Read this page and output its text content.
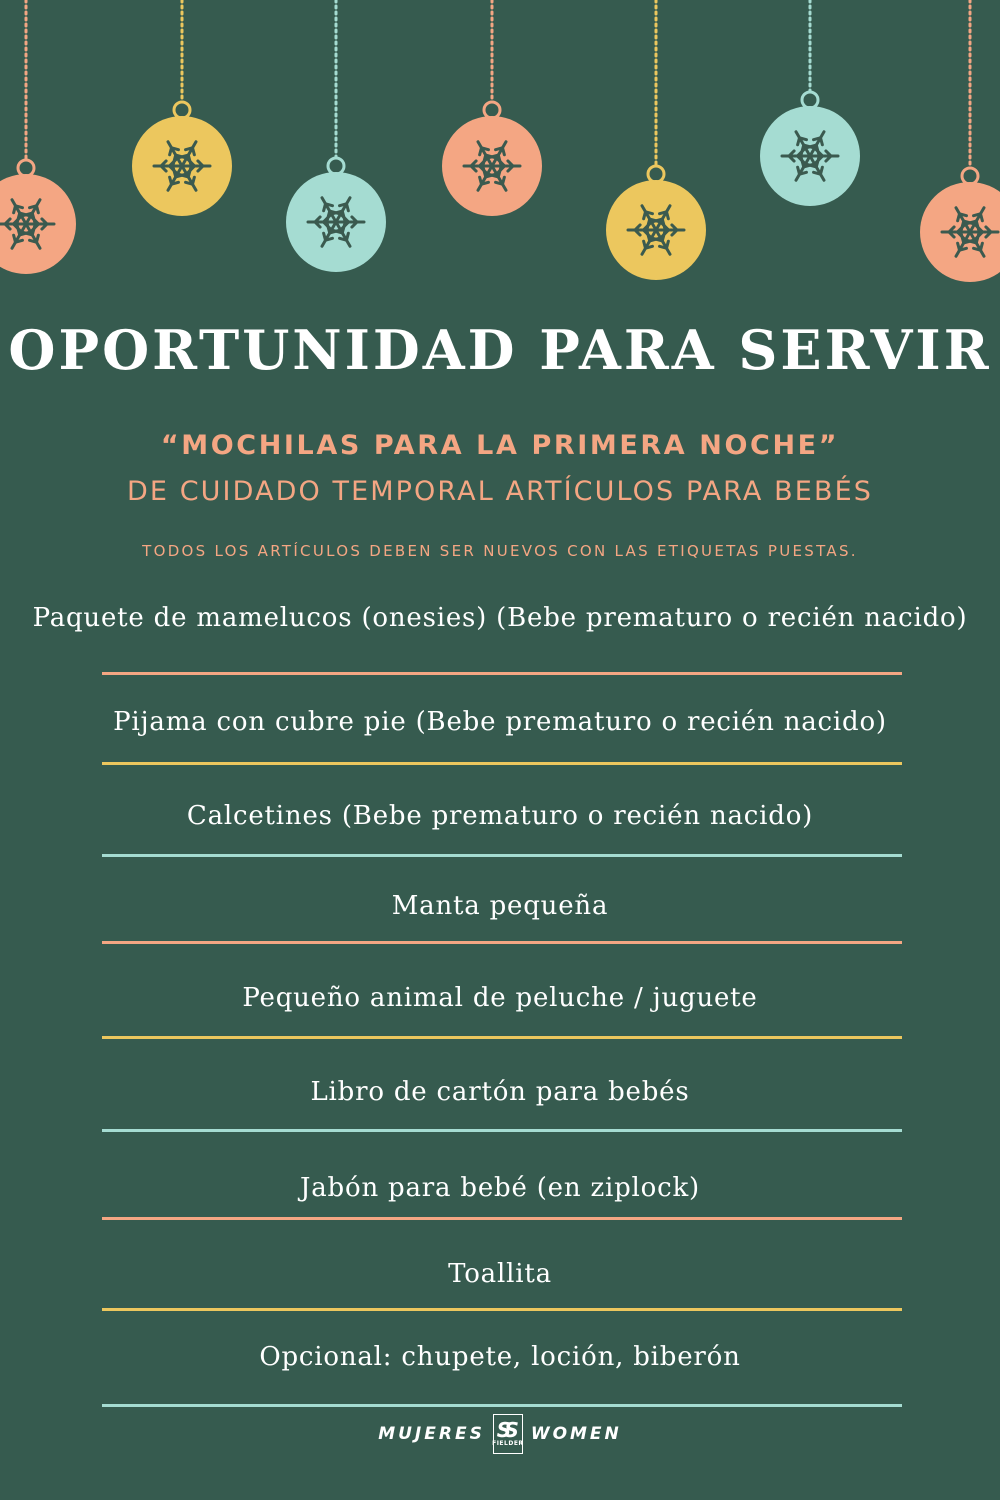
OPORTUNIDAD PARA SERVIR
“MOCHILAS PARA LA PRIMERA NOCHE”
DE CUIDADO TEMPORAL ARTÍCULOS PARA BEBÉS
TODOS LOS ARTÍCULOS DEBEN SER NUEVOS CON LAS ETIQUETAS PUESTAS.
Paquete de mamelucos (onesies) (Bebe prematuro o recién nacido)
Pijama con cubre pie (Bebe prematuro o recién nacido)
Calcetines (Bebe prematuro o recién nacido)
Manta pequeña
Pequeño animal de peluche / juguete
Libro de cartón para bebés
Jabón para bebé (en ziplock)
Toallita
Opcional: chupete, loción, biberón
MUJERES SS
FIELDER WOMEN
